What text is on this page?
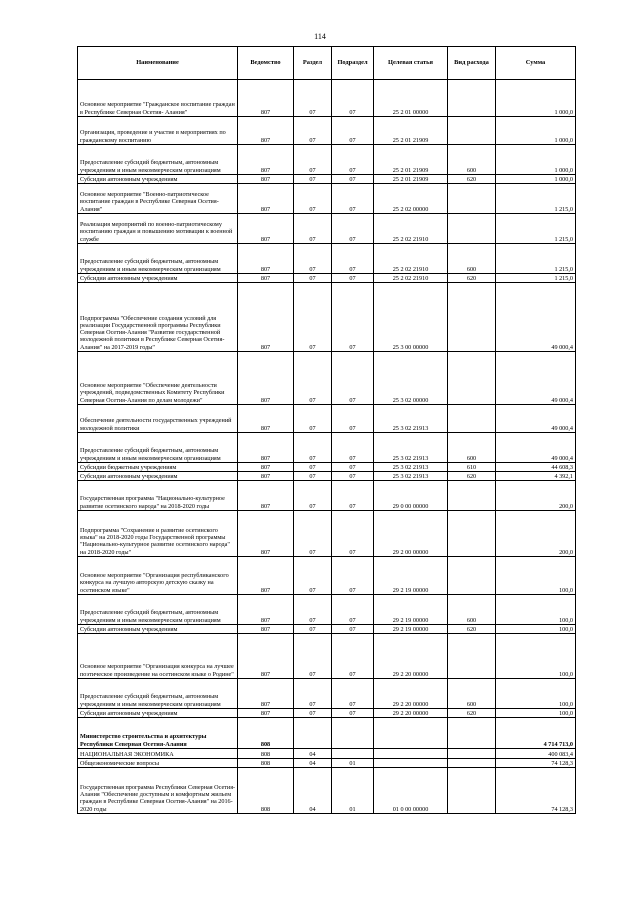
114
Наименование	Ведомство	Раздел	Подраздел	Целевая статья	Вид расхода	Сумма
Основное мероприятие "Гражданское воспитание граждан в Республике Северная Осетия- Алания"	807	07	07	25 2 01 00000		1 000,0
Организация, проведение и участие в мероприятиях по гражданскому воспитанию	807	07	07	25 2 01 21909		1 000,0
Предоставление субсидий бюджетным, автономным учреждениям и иным некоммерческим организациям	807	07	07	25 2 01 21909	600	1 000,0
Субсидии автономным учреждениям	807	07	07	25 2 01 21909	620	1 000,0
Основное мероприятие "Военно-патриотическое воспитание граждан в Республике Северная Осетия- Алания"	807	07	07	25 2 02 00000		1 215,0
Реализация мероприятий по военно-патриотическому воспитанию граждан и повышению мотивации к военной службе	807	07	07	25 2 02 21910		1 215,0
Предоставление субсидий бюджетным, автономным учреждениям и иным некоммерческим организациям	807	07	07	25 2 02 21910	600	1 215,0
Субсидии автономным учреждениям	807	07	07	25 2 02 21910	620	1 215,0
Подпрограмма "Обеспечение создания условий для реализации Государственной программы Республики Северная Осетия-Алания "Развитие государственной молодежной политики в Республике Северная Осетия-Алания" на 2017-2019 годы"	807	07	07	25 3 00 00000		49 000,4
Основное мероприятие "Обеспечение деятельности учреждений, подведомственных Комитету Республики Северная Осетия-Алания по делам молодежи"	807	07	07	25 3 02 00000		49 000,4
Обеспечение деятельности государственных учреждений молодежной политики	807	07	07	25 3 02 21913		49 000,4
Предоставление субсидий бюджетным, автономным учреждениям и иным некоммерческим организациям	807	07	07	25 3 02 21913	600	49 000,4
Субсидии бюджетным учреждениям	807	07	07	25 3 02 21913	610	44 608,3
Субсидии автономным учреждениям	807	07	07	25 3 02 21913	620	4 392,1
Государственная программа "Национально-культурное развитие осетинского народа" на 2018-2020 годы	807	07	07	29 0 00 00000		200,0
Подпрограмма "Сохранение и развитие осетинского языка" на 2018-2020 годы Государственной программы "Национально-культурное развитие осетинского народа" на 2018-2020 годы"	807	07	07	29 2 00 00000		200,0
Основное мероприятие "Организация республиканского конкурса на лучшую авторскую детскую сказку на осетинском языке"	807	07	07	29 2 19 00000		100,0
Предоставление субсидий бюджетным, автономным учреждениям и иным некоммерческим организациям	807	07	07	29 2 19 00000	600	100,0
Субсидии автономным учреждениям	807	07	07	29 2 19 00000	620	100,0
Основное мероприятие "Организация конкурса на лучшее поэтическое произведение на осетинском языке о Родине"	807	07	07	29 2 20 00000		100,0
Предоставление субсидий бюджетным, автономным учреждениям и иным некоммерческим организациям	807	07	07	29 2 20 00000	600	100,0
Субсидии автономным учреждениям	807	07	07	29 2 20 00000	620	100,0
Министерство строительства и архитектуры Республики Северная Осетия-Алания	808					4 714 713,0
НАЦИОНАЛЬНАЯ ЭКОНОМИКА	808	04				400 083,4
Общеэкономические вопросы	808	04	01			74 128,3
Государственная программа Республики Северная Осетия-Алания "Обеспечение доступным и комфортным жильем граждан в Республике Северная Осетия-Алания" на 2016-2020 годы	808	04	01	01 0 00 00000		74 128,3
